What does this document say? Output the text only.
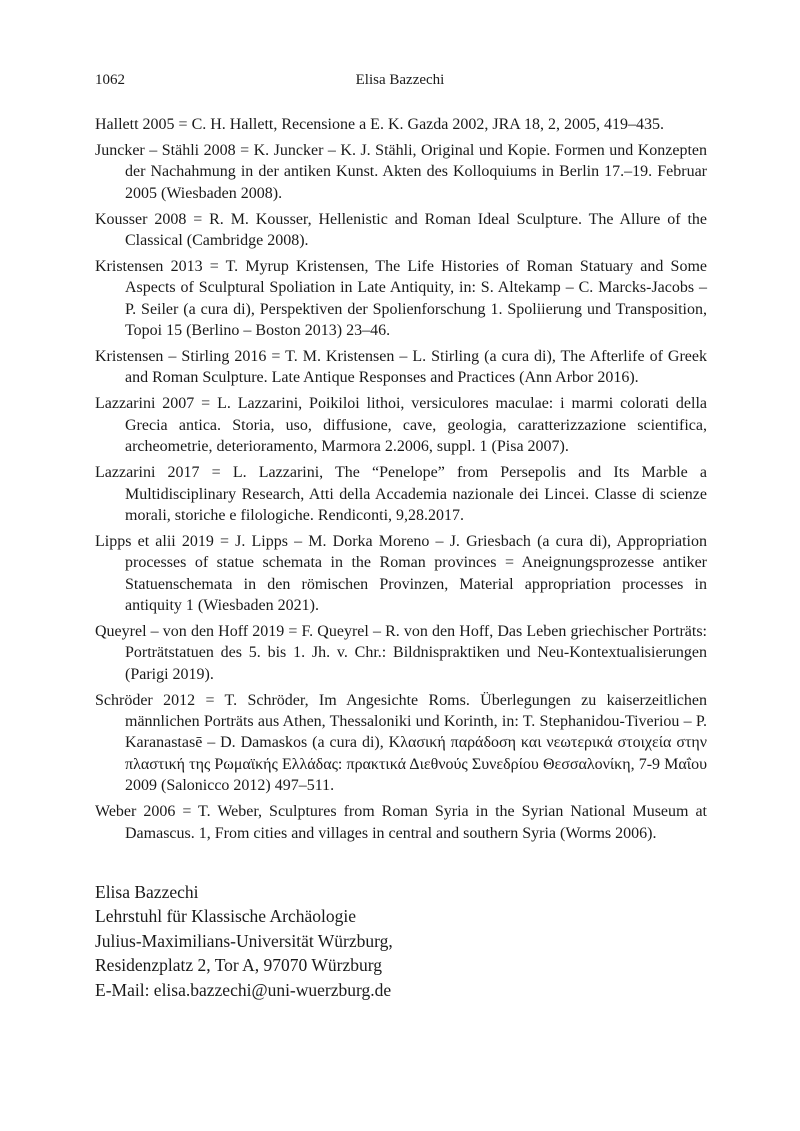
1062	Elisa Bazzechi

Hallett 2005 = C. H. Hallett, Recensione a E. K. Gazda 2002, JRA 18, 2, 2005, 419–435.

Juncker – Stähli 2008 = K. Juncker – K. J. Stähli, Original und Kopie. Formen und Konzepten der Nachahmung in der antiken Kunst. Akten des Kolloquiums in Berlin 17.–19. Februar 2005 (Wiesbaden 2008).

Kousser 2008 = R. M. Kousser, Hellenistic and Roman Ideal Sculpture. The Allure of the Classical (Cambridge 2008).

Kristensen 2013 = T. Myrup Kristensen, The Life Histories of Roman Statuary and Some Aspects of Sculptural Spoliation in Late Antiquity, in: S. Altekamp – C. Marcks-Jacobs – P. Seiler (a cura di), Perspektiven der Spolienforschung 1. Spoliierung und Transposition, Topoi 15 (Berlino – Boston 2013) 23–46.

Kristensen – Stirling 2016 = T. M. Kristensen – L. Stirling (a cura di), The Afterlife of Greek and Roman Sculpture. Late Antique Responses and Practices (Ann Arbor 2016).

Lazzarini 2007 = L. Lazzarini, Poikiloi lithoi, versiculores maculae: i marmi colorati della Grecia antica. Storia, uso, diffusione, cave, geologia, caratterizzazione scientifica, archeometrie, deterioramento, Marmora 2.2006, suppl. 1 (Pisa 2007).

Lazzarini 2017 = L. Lazzarini, The “Penelope” from Persepolis and Its Marble a Multidisciplinary Research, Atti della Accademia nazionale dei Lincei. Classe di scienze morali, storiche e filologiche. Rendiconti, 9,28.2017.

Lipps et alii 2019 = J. Lipps – M. Dorka Moreno – J. Griesbach (a cura di), Appropriation processes of statue schemata in the Roman provinces = Aneignungsprozesse antiker Statuenschemata in den römischen Provinzen, Material appropriation processes in antiquity 1 (Wiesbaden 2021).

Queyrel – von den Hoff 2019 = F. Queyrel – R. von den Hoff, Das Leben griechischer Porträts: Porträtstatuen des 5. bis 1. Jh. v. Chr.: Bildnispraktiken und Neu-Kontextualisierungen (Parigi 2019).

Schröder 2012 = T. Schröder, Im Angesichte Roms. Überlegungen zu kaiserzeitlichen männlichen Porträts aus Athen, Thessaloniki und Korinth, in: T. Stephanidou-Tiveriou – P. Karanastasē – D. Damaskos (a cura di), Κλασική παράδοση και νεωτερικά στοιχεία στην πλαστική της Ρωμαϊκής Ελλάδας: πρακτικά Διεθνούς Συνεδρίου Θεσσαλονίκη, 7-9 Μαΐου 2009 (Salonicco 2012) 497–511.

Weber 2006 = T. Weber, Sculptures from Roman Syria in the Syrian National Museum at Damascus. 1, From cities and villages in central and southern Syria (Worms 2006).

Elisa Bazzechi
Lehrstuhl für Klassische Archäologie
Julius-Maximilians-Universität Würzburg,
Residenzplatz 2, Tor A, 97070 Würzburg
E-Mail: elisa.bazzechi@uni-wuerzburg.de
